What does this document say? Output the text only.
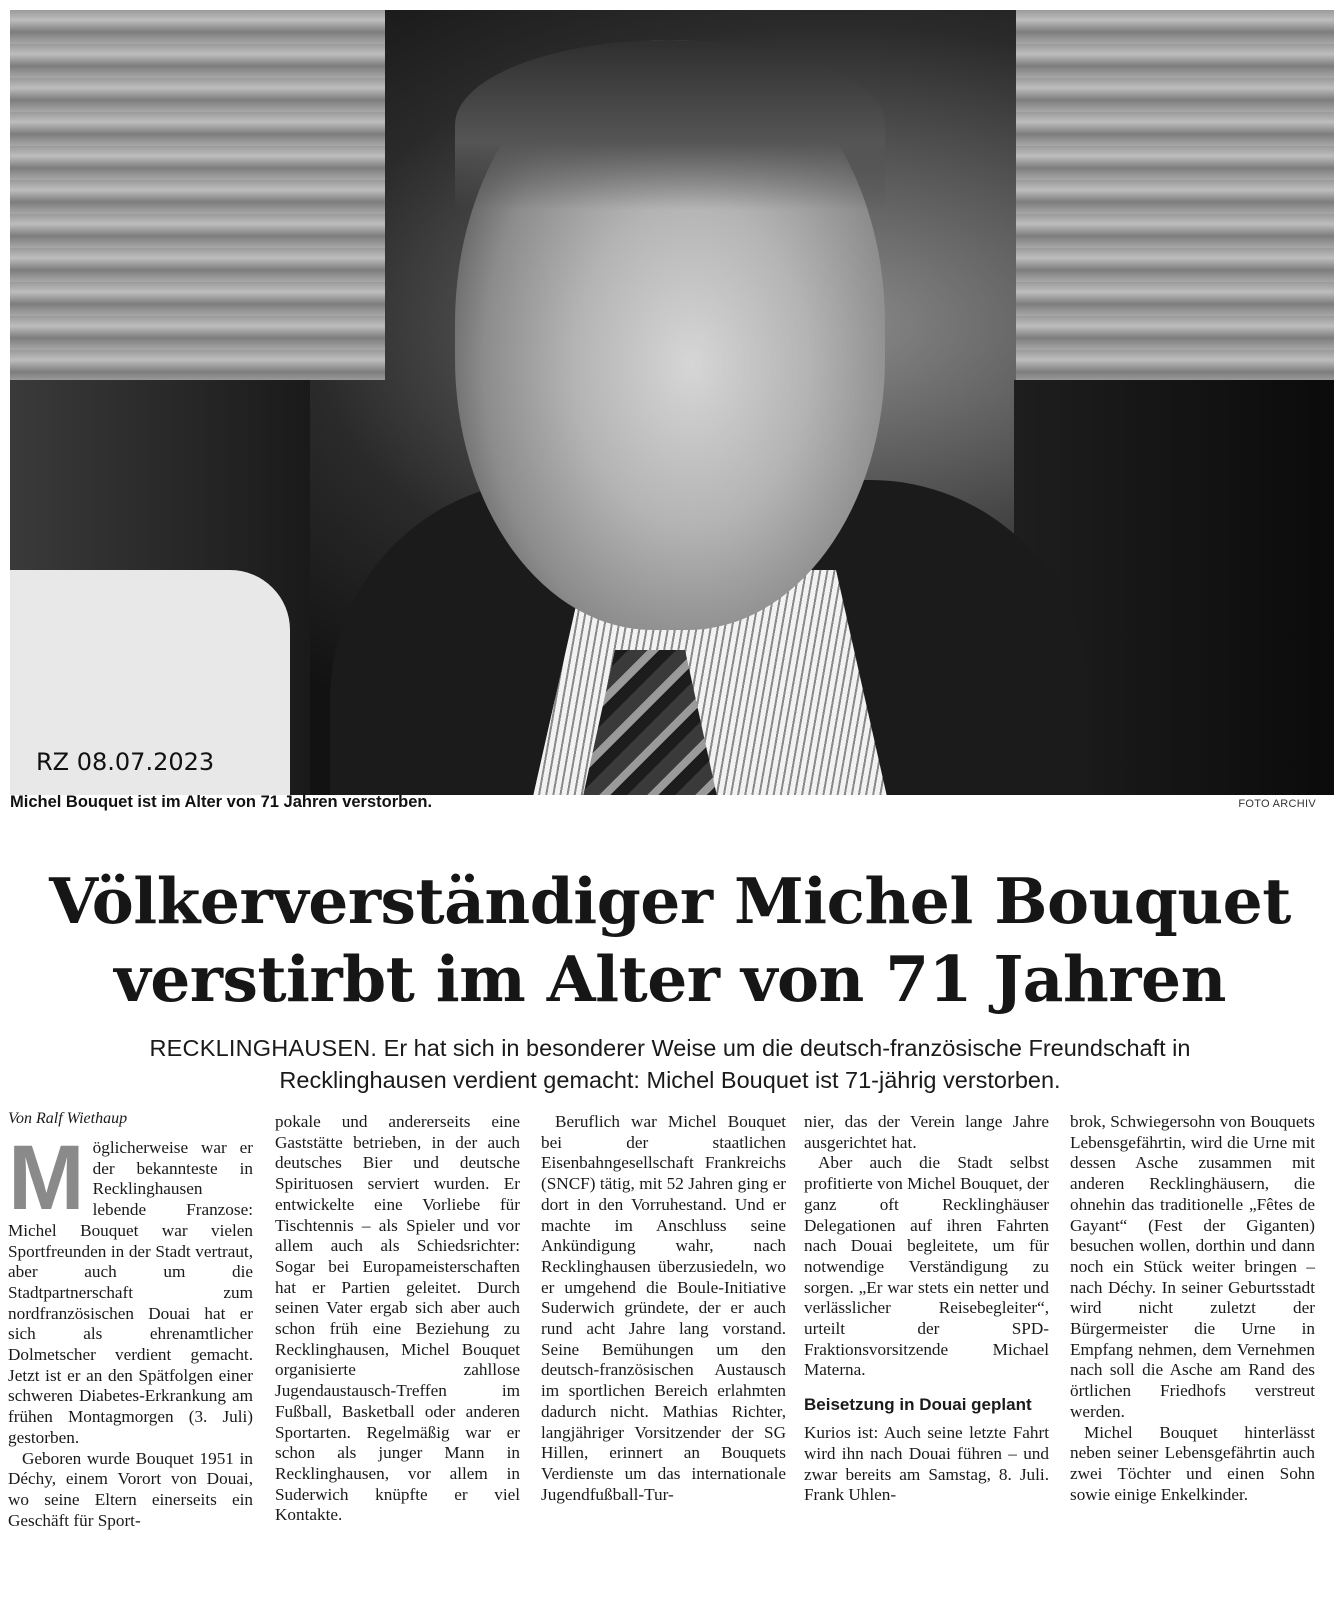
RZ 08.07.2023
Michel Bouquet ist im Alter von 71 Jahren verstorben.	FOTO ARCHIV
Völkerverständiger Michel Bouquet
verstirbt im Alter von 71 Jahren
RECKLINGHAUSEN. Er hat sich in besonderer Weise um die deutsch-französische Freundschaft in Recklinghausen verdient gemacht: Michel Bouquet ist 71-jährig verstorben.
Von Ralf Wiethaup
M öglicherweise war er der bekannteste in Recklinghausen lebende Franzose: Michel Bouquet war vielen Sportfreunden in der Stadt vertraut, aber auch um die Stadtpartnerschaft zum nordfranzösischen Douai hat er sich als ehrenamtlicher Dolmetscher verdient gemacht. Jetzt ist er an den Spätfolgen einer schweren Diabetes-Erkrankung am frühen Montagmorgen (3. Juli) gestorben.

Geboren wurde Bouquet 1951 in Déchy, einem Vorort von Douai, wo seine Eltern einerseits ein Geschäft für Sport-

pokale und andererseits eine Gaststätte betrieben, in der auch deutsches Bier und deutsche Spirituosen serviert wurden. Er entwickelte eine Vorliebe für Tischtennis – als Spieler und vor allem auch als Schiedsrichter: Sogar bei Europameisterschaften hat er Partien geleitet. Durch seinen Vater ergab sich aber auch schon früh eine Beziehung zu Recklinghausen, Michel Bouquet organisierte zahllose Jugendaustausch-Treffen im Fußball, Basketball oder anderen Sportarten. Regelmäßig war er schon als junger Mann in Recklinghausen, vor allem in Suderwich knüpfte er viel Kontakte.

Beruflich war Michel Bouquet bei der staatlichen Eisenbahngesellschaft Frankreichs (SNCF) tätig, mit 52 Jahren ging er dort in den Vorruhestand. Und er machte im Anschluss seine Ankündigung wahr, nach Recklinghausen überzusiedeln, wo er umgehend die Boule-Initiative Suderwich gründete, der er auch rund acht Jahre lang vorstand. Seine Bemühungen um den deutsch-französischen Austausch im sportlichen Bereich erlahmten dadurch nicht. Mathias Richter, langjähriger Vorsitzender der SG Hillen, erinnert an Bouquets Verdienste um das internationale Jugendfußball-Tur-

nier, das der Verein lange Jahre ausgerichtet hat.

Aber auch die Stadt selbst profitierte von Michel Bouquet, der ganz oft Recklinghäuser Delegationen auf ihren Fahrten nach Douai begleitete, um für notwendige Verständigung zu sorgen. „Er war stets ein netter und verlässlicher Reisebegleiter“, urteilt der SPD-Fraktionsvorsitzende Michael Materna.

Beisetzung in Douai geplant

Kurios ist: Auch seine letzte Fahrt wird ihn nach Douai führen – und zwar bereits am Samstag, 8. Juli. Frank Uhlen-

brok, Schwiegersohn von Bouquets Lebensgefährtin, wird die Urne mit dessen Asche zusammen mit anderen Recklinghäusern, die ohnehin das traditionelle „Fêtes de Gayant“ (Fest der Giganten) besuchen wollen, dorthin und dann noch ein Stück weiter bringen – nach Déchy. In seiner Geburtsstadt wird nicht zuletzt der Bürgermeister die Urne in Empfang nehmen, dem Vernehmen nach soll die Asche am Rand des örtlichen Friedhofs verstreut werden.

Michel Bouquet hinterlässt neben seiner Lebensgefährtin auch zwei Töchter und einen Sohn sowie einige Enkelkinder.
